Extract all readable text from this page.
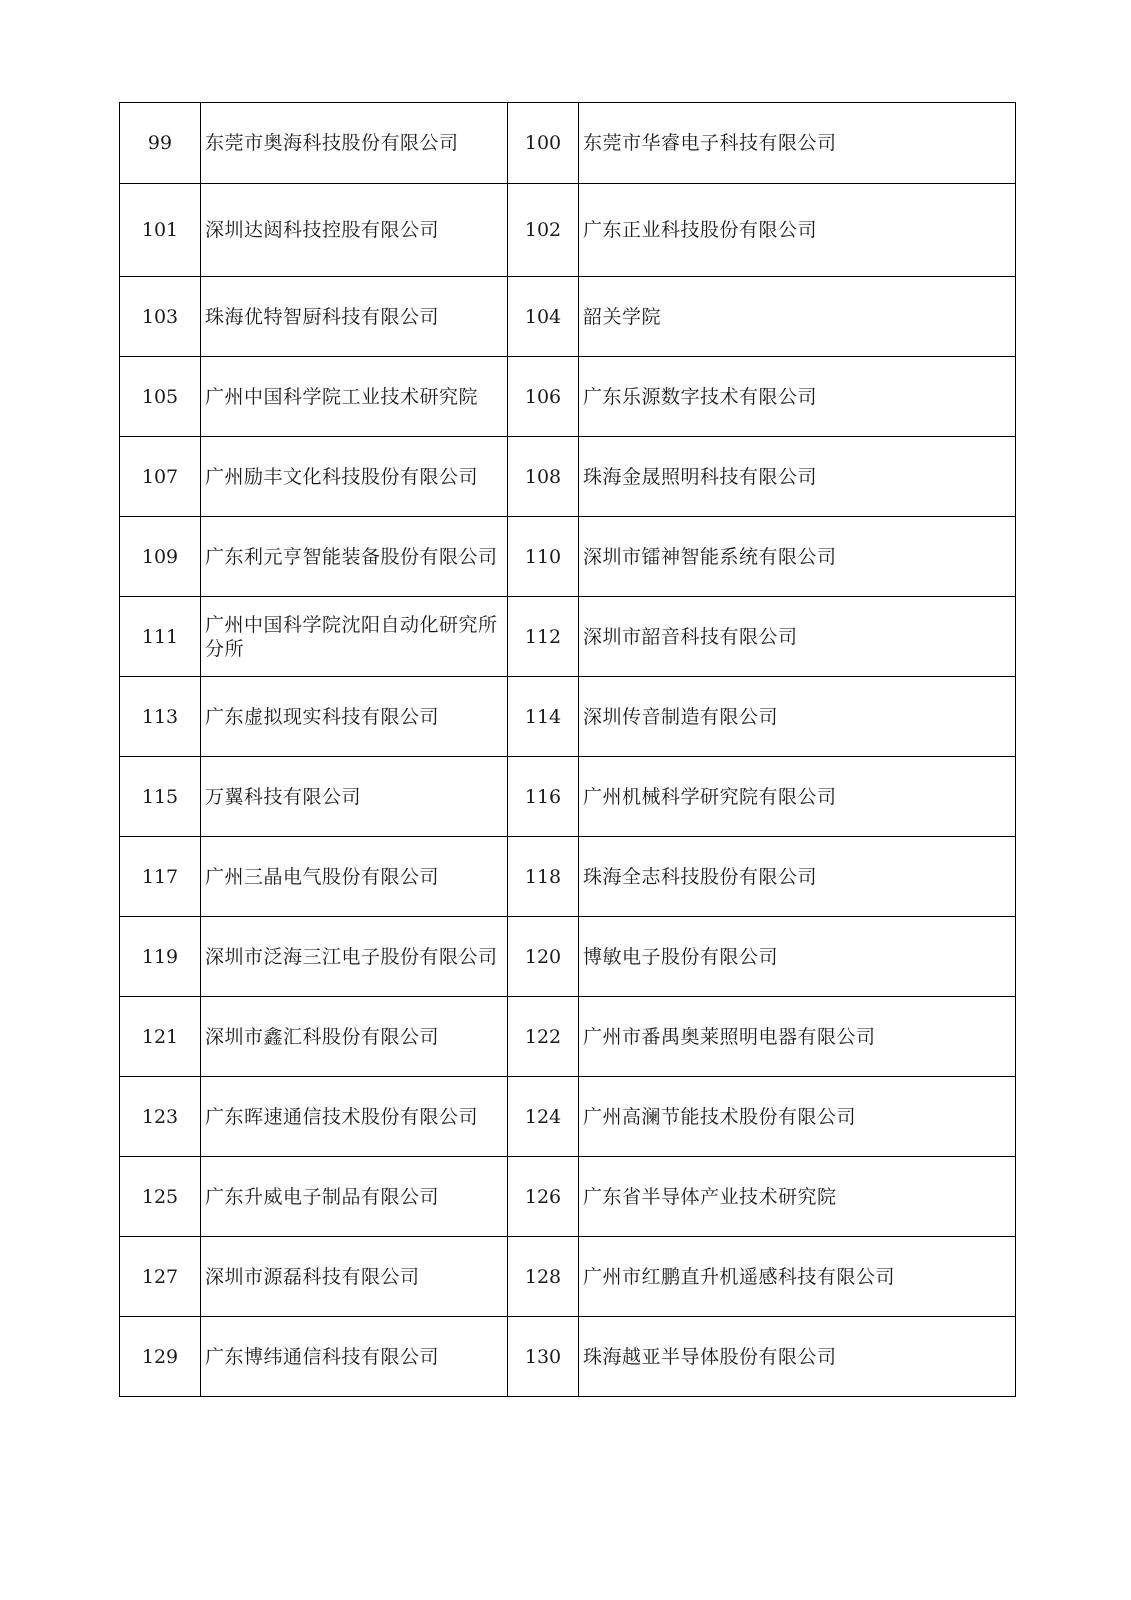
99	东莞市奥海科技股份有限公司	100	东莞市华睿电子科技有限公司
101	深圳达闼科技控股有限公司	102	广东正业科技股份有限公司
103	珠海优特智厨科技有限公司	104	韶关学院
105	广州中国科学院工业技术研究院	106	广东乐源数字技术有限公司
107	广州励丰文化科技股份有限公司	108	珠海金晟照明科技有限公司
109	广东利元亨智能装备股份有限公司	110	深圳市镭神智能系统有限公司
111	广州中国科学院沈阳自动化研究所分所	112	深圳市韶音科技有限公司
113	广东虚拟现实科技有限公司	114	深圳传音制造有限公司
115	万翼科技有限公司	116	广州机械科学研究院有限公司
117	广州三晶电气股份有限公司	118	珠海全志科技股份有限公司
119	深圳市泛海三江电子股份有限公司	120	博敏电子股份有限公司
121	深圳市鑫汇科股份有限公司	122	广州市番禺奥莱照明电器有限公司
123	广东晖速通信技术股份有限公司	124	广州高澜节能技术股份有限公司
125	广东升威电子制品有限公司	126	广东省半导体产业技术研究院
127	深圳市源磊科技有限公司	128	广州市红鹏直升机遥感科技有限公司
129	广东博纬通信科技有限公司	130	珠海越亚半导体股份有限公司
